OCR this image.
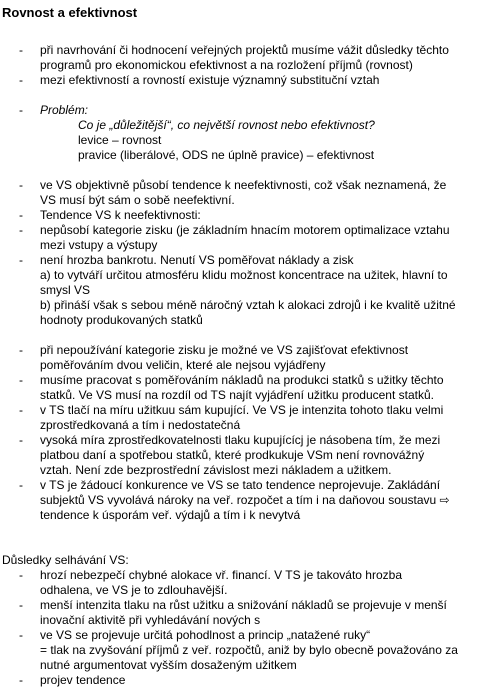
Rovnost a efektivnost
- při navrhování či hodnocení veřejných projektů musíme vážit důsledky těchto
programů pro ekonomickou efektivnost a na rozložení příjmů (rovnost)
- mezi efektivností a rovností existuje významný substituční vztah
- Problém:
Co je „důležitější“, co největší rovnost nebo efektivnost?
levice – rovnost
pravice (liberálové, ODS ne úplně pravice) – efektivnost
- ve VS objektivně působí tendence k neefektivnosti, což však neznamená, že
VS musí být sám o sobě neefektivní.
- Tendence VS k neefektivnosti:
- nepůsobí kategorie zisku (je základním hnacím motorem optimalizace vztahu
mezi vstupy a výstupy
- není hrozba bankrotu. Nenutí VS poměřovat náklady a zisk
a) to vytváří určitou atmosféru klidu možnost koncentrace na užitek, hlavní to
smysl VS
b) přináší však s sebou méně náročný vztah k alokaci zdrojů i ke kvalitě užitné
hodnoty produkovaných statků
- při nepoužívání kategorie zisku je možné ve VS zajišťovat efektivnost
poměřováním dvou veličin, které ale nejsou vyjádřeny
- musíme pracovat s poměřováním nákladů na produkci statků s užitky těchto
statků. Ve VS musí na rozdíl od TS najít vyjádření užitku producent statků.
- v TS tlačí na míru užitkuu sám kupující. Ve VS je intenzita tohoto tlaku velmi
zprostředkovaná a tím i nedostatečná
- vysoká míra zprostředkovatelnosti tlaku kupujícícj je násobena tím, že mezi
platbou daní a spotřebou statků, které prodkukuje VSm není rovnovážný
vztah. Není zde bezprostřední závislost mezi nákladem a užitkem.
- v TS je žádoucí konkurence ve VS se tato tendence neprojevuje. Zakládání
subjektů VS vyvolává nároky na veř. rozpočet a tím i na daňovou soustavu ⇨
tendence k úsporám veř. výdajů a tím i k nevytvá
Důsledky selhávání VS:
- hrozí nebezpečí chybné alokace vř. financí. V TS je takováto hrozba
odhalena, ve VS je to zdlouhavější.
- menší intenzita tlaku na růst užitku a snižování nákladů se projevuje v menší
inovační aktivitě při vyhledávání nových s
- ve VS se projevuje určitá pohodlnost a princip „natažené ruky“
= tlak na zvyšování příjmů z veř. rozpočtů, aniž by bylo obecně považováno za
nutné argumentovat vyšším dosaženým užitkem
- projev tendence
